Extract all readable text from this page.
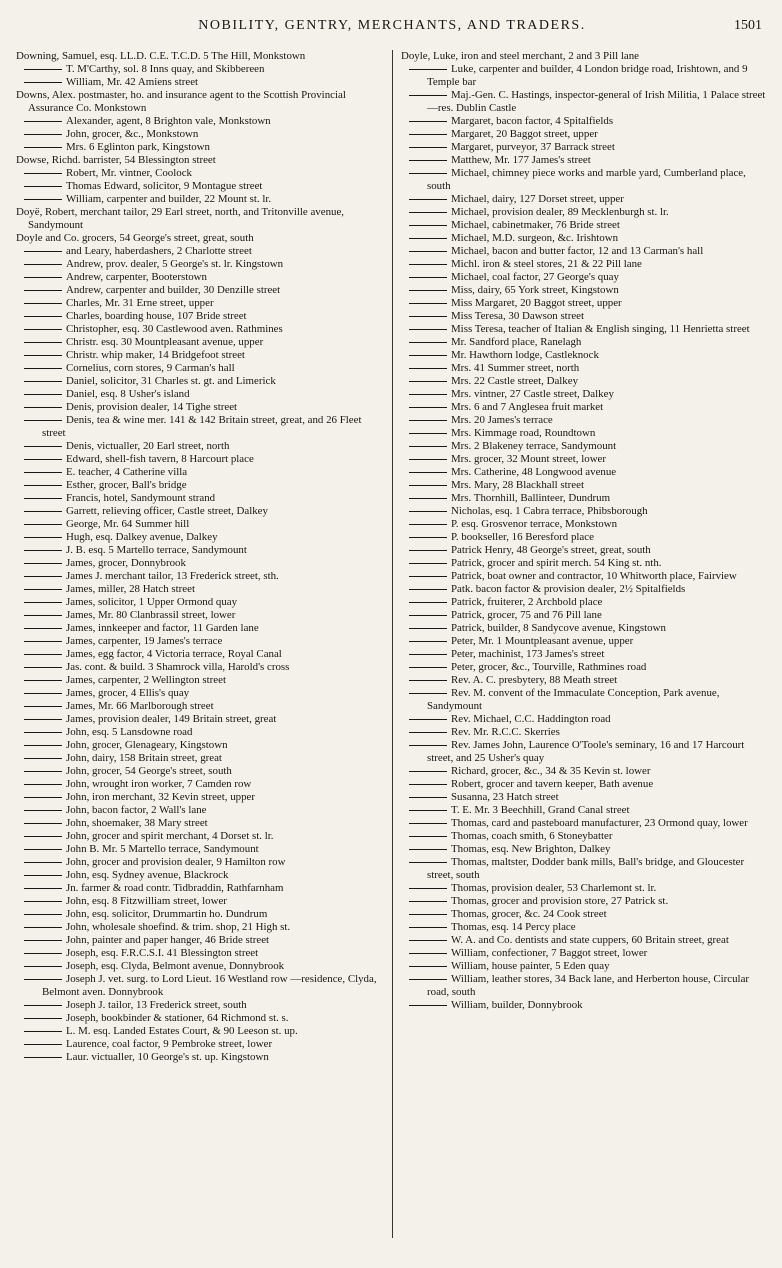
NOBILITY, GENTRY, MERCHANTS, AND TRADERS.	1501
Downing, Samuel, esq. LL.D. C.E. T.C.D. 5 The Hill, Monkstown
T. M'Carthy, sol. 8 Inns quay, and Skibbereen
William, Mr. 42 Amiens street
Downs, Alex. postmaster, ho. and insurance agent to the Scottish Provincial Assurance Co. Monkstown
Alexander, agent, 8 Brighton vale, Monkstown
John, grocer, &c., Monkstown
Mrs. 6 Eglinton park, Kingstown
Dowse, Richd. barrister, 54 Blessington street
Robert, Mr. vintner, Coolock
Thomas Edward, solicitor, 9 Montague street
William, carpenter and builder, 22 Mount st. lr.
Doyë, Robert, merchant tailor, 29 Earl street, north, and Tritonville avenue, Sandymount
Doyle and Co. grocers, 54 George's street, great, south
and Leary, haberdashers, 2 Charlotte street
Andrew, prov. dealer, 5 George's st. lr. Kingstown
Andrew, carpenter, Booterstown
Andrew, carpenter and builder, 30 Denzille street
Charles, Mr. 31 Erne street, upper
Charles, boarding house, 107 Bride street
Christopher, esq. 30 Castlewood aven. Rathmines
Christr. esq. 30 Mountpleasant avenue, upper
Christr. whip maker, 14 Bridgefoot street
Cornelius, corn stores, 9 Carman's hall
Daniel, solicitor, 31 Charles st. gt. and Limerick
Daniel, esq. 8 Usher's island
Denis, provision dealer, 14 Tighe street
Denis, tea & wine mer. 141 & 142 Britain street, great, and 26 Fleet street
Denis, victualler, 20 Earl street, north
Edward, shell-fish tavern, 8 Harcourt place
E. teacher, 4 Catherine villa
Esther, grocer, Ball's bridge
Francis, hotel, Sandymount strand
Garrett, relieving officer, Castle street, Dalkey
George, Mr. 64 Summer hill
Hugh, esq. Dalkey avenue, Dalkey
J. B. esq. 5 Martello terrace, Sandymount
James, grocer, Donnybrook
James J. merchant tailor, 13 Frederick street, sth.
James, miller, 28 Hatch street
James, solicitor, 1 Upper Ormond quay
James, Mr. 80 Clanbrassil street, lower
James, innkeeper and factor, 11 Garden lane
James, carpenter, 19 James's terrace
James, egg factor, 4 Victoria terrace, Royal Canal
Jas. cont. & build. 3 Shamrock villa, Harold's cross
James, carpenter, 2 Wellington street
James, grocer, 4 Ellis's quay
James, Mr. 66 Marlborough street
James, provision dealer, 149 Britain street, great
John, esq. 5 Lansdowne road
John, grocer, Glenageary, Kingstown
John, dairy, 158 Britain street, great
John, grocer, 54 George's street, south
John, wrought iron worker, 7 Camden row
John, iron merchant, 32 Kevin street, upper
John, bacon factor, 2 Wall's lane
John, shoemaker, 38 Mary street
John, grocer and spirit merchant, 4 Dorset st. lr.
John B. Mr. 5 Martello terrace, Sandymount
John, grocer and provision dealer, 9 Hamilton row
John, esq. Sydney avenue, Blackrock
Jn. farmer & road contr. Tidbraddin, Rathfarnham
John, esq. 8 Fitzwilliam street, lower
John, esq. solicitor, Drummartin ho. Dundrum
John, wholesale shoefind. & trim. shop, 21 High st.
John, painter and paper hanger, 46 Bride street
Joseph, esq. F.R.C.S.I. 41 Blessington street
Joseph, esq. Clyda, Belmont avenue, Donnybrook
Joseph J. vet. surg. to Lord Lieut. 16 Westland row —residence, Clyda, Belmont aven. Donnybrook
Joseph J. tailor, 13 Frederick street, south
Joseph, bookbinder & stationer, 64 Richmond st. s.
L. M. esq. Landed Estates Court, & 90 Leeson st. up.
Laurence, coal factor, 9 Pembroke street, lower
Laur. victualler, 10 George's st. up. Kingstown
Doyle, Luke, iron and steel merchant, 2 and 3 Pill lane
Luke, carpenter and builder, 4 London bridge road, Irishtown, and 9 Temple bar
Maj.-Gen. C. Hastings, inspector-general of Irish Militia, 1 Palace street—res. Dublin Castle
Margaret, bacon factor, 4 Spitalfields
Margaret, 20 Baggot street, upper
Margaret, purveyor, 37 Barrack street
Matthew, Mr. 177 James's street
Michael, chimney piece works and marble yard, Cumberland place, south
Michael, dairy, 127 Dorset street, upper
Michael, provision dealer, 89 Mecklenburgh st. lr.
Michael, cabinetmaker, 76 Bride street
Michael, M.D. surgeon, &c. Irishtown
Michael, bacon and butter factor, 12 and 13 Carman's hall
Michl. iron & steel stores, 21 & 22 Pill lane
Michael, coal factor, 27 George's quay
Miss, dairy, 65 York street, Kingstown
Miss Margaret, 20 Baggot street, upper
Miss Teresa, 30 Dawson street
Miss Teresa, teacher of Italian & English singing, 11 Henrietta street
Mr. Sandford place, Ranelagh
Mr. Hawthorn lodge, Castleknock
Mrs. 41 Summer street, north
Mrs. 22 Castle street, Dalkey
Mrs. vintner, 27 Castle street, Dalkey
Mrs. 6 and 7 Anglesea fruit market
Mrs. 20 James's terrace
Mrs. Kimmage road, Roundtown
Mrs. 2 Blakeney terrace, Sandymount
Mrs. grocer, 32 Mount street, lower
Mrs. Catherine, 48 Longwood avenue
Mrs. Mary, 28 Blackhall street
Mrs. Thornhill, Ballinteer, Dundrum
Nicholas, esq. 1 Cabra terrace, Phibsborough
P. esq. Grosvenor terrace, Monkstown
P. bookseller, 16 Beresford place
Patrick Henry, 48 George's street, great, south
Patrick, grocer and spirit merch. 54 King st. nth.
Patrick, boat owner and contractor, 10 Whitworth place, Fairview
Patk. bacon factor & provision dealer, 2½ Spitalfields
Patrick, fruiterer, 2 Archbold place
Patrick, grocer, 75 and 76 Pill lane
Patrick, builder, 8 Sandycove avenue, Kingstown
Peter, Mr. 1 Mountpleasant avenue, upper
Peter, machinist, 173 James's street
Peter, grocer, &c., Tourville, Rathmines road
Rev. A. C. presbytery, 88 Meath street
Rev. M. convent of the Immaculate Conception, Park avenue, Sandymount
Rev. Michael, C.C. Haddington road
Rev. Mr. R.C.C. Skerries
Rev. James John, Laurence O'Toole's seminary, 16 and 17 Harcourt street, and 25 Usher's quay
Richard, grocer, &c., 34 & 35 Kevin st. lower
Robert, grocer and tavern keeper, Bath avenue
Susanna, 23 Hatch street
T. E. Mr. 3 Beechhill, Grand Canal street
Thomas, card and pasteboard manufacturer, 23 Ormond quay, lower
Thomas, coach smith, 6 Stoneybatter
Thomas, esq. New Brighton, Dalkey
Thomas, maltster, Dodder bank mills, Ball's bridge, and Gloucester street, south
Thomas, provision dealer, 53 Charlemont st. lr.
Thomas, grocer and provision store, 27 Patrick st.
Thomas, grocer, &c. 24 Cook street
Thomas, esq. 14 Percy place
W. A. and Co. dentists and state cuppers, 60 Britain street, great
William, confectioner, 7 Baggot street, lower
William, house painter, 5 Eden quay
William, leather stores, 34 Back lane, and Herberton house, Circular road, south
William, builder, Donnybrook
